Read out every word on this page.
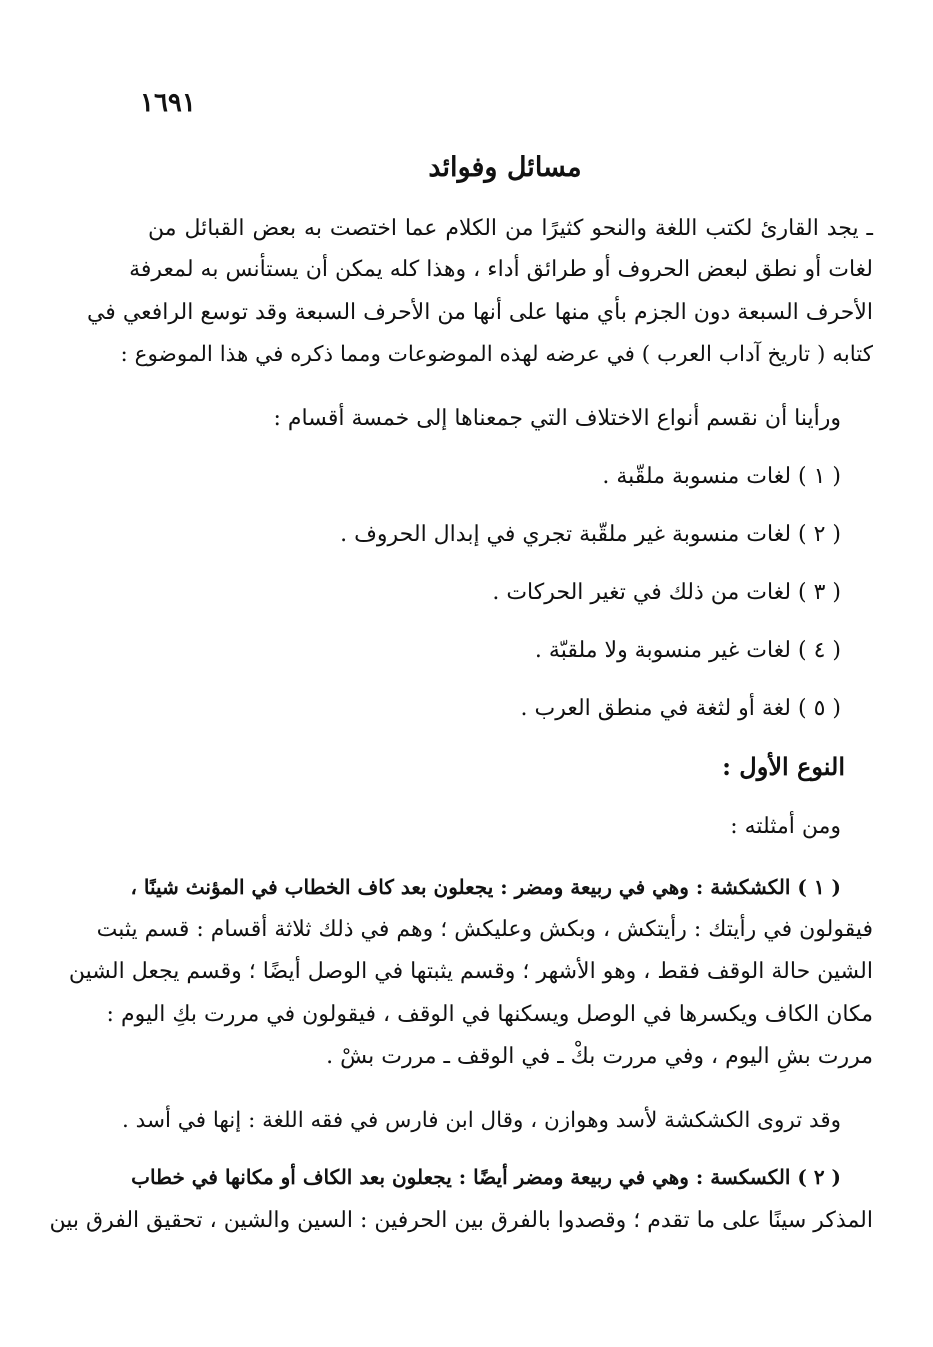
١٦٩١
مسائل وفوائد
ـ يجد القارئ لكتب اللغة والنحو كثيرًا من الكلام عما اختصت به بعض القبائل من
لغات أو نطق لبعض الحروف أو طرائق أداء ، وهذا كله يمكن أن يستأنس به لمعرفة
الأحرف السبعة دون الجزم بأي منها على أنها من الأحرف السبعة وقد توسع الرافعي في
كتابه ( تاريخ آداب العرب ) في عرضه لهذه الموضوعات ومما ذكره في هذا الموضوع :
ورأينا أن نقسم أنواع الاختلاف التي جمعناها إلى خمسة أقسام :
( ١ ) لغات منسوبة ملقّبة .
( ٢ ) لغات منسوبة غير ملقّبة تجري في إبدال الحروف .
( ٣ ) لغات من ذلك في تغير الحركات .
( ٤ ) لغات غير منسوبة ولا ملقبّة .
( ٥ ) لغة أو لثغة في منطق العرب .
النوع الأول :
ومن أمثلته :
( ١ ) الكشكشة : وهي في ربيعة ومضر : يجعلون بعد كاف الخطاب في المؤنث شينًا ،
فيقولون في رأيتك : رأيتكش ، وبكش وعليكش ؛ وهم في ذلك ثلاثة أقسام : قسم يثبت
الشين حالة الوقف فقط ، وهو الأشهر ؛ وقسم يثبتها في الوصل أيضًا ؛ وقسم يجعل الشين
مكان الكاف ويكسرها في الوصل ويسكنها في الوقف ، فيقولون في مررت بكِ اليوم :
مررت بشِ اليوم ، وفي مررت بكْ ـ في الوقف ـ مررت بشْ .
وقد تروى الكشكشة لأسد وهوازن ، وقال ابن فارس في فقه اللغة : إنها في أسد .
( ٢ ) الكسكسة : وهي في ربيعة ومضر أيضًا : يجعلون بعد الكاف أو مكانها في خطاب
المذكر سينًا على ما تقدم ؛ وقصدوا بالفرق بين الحرفين : السين والشين ، تحقيق الفرق بين
